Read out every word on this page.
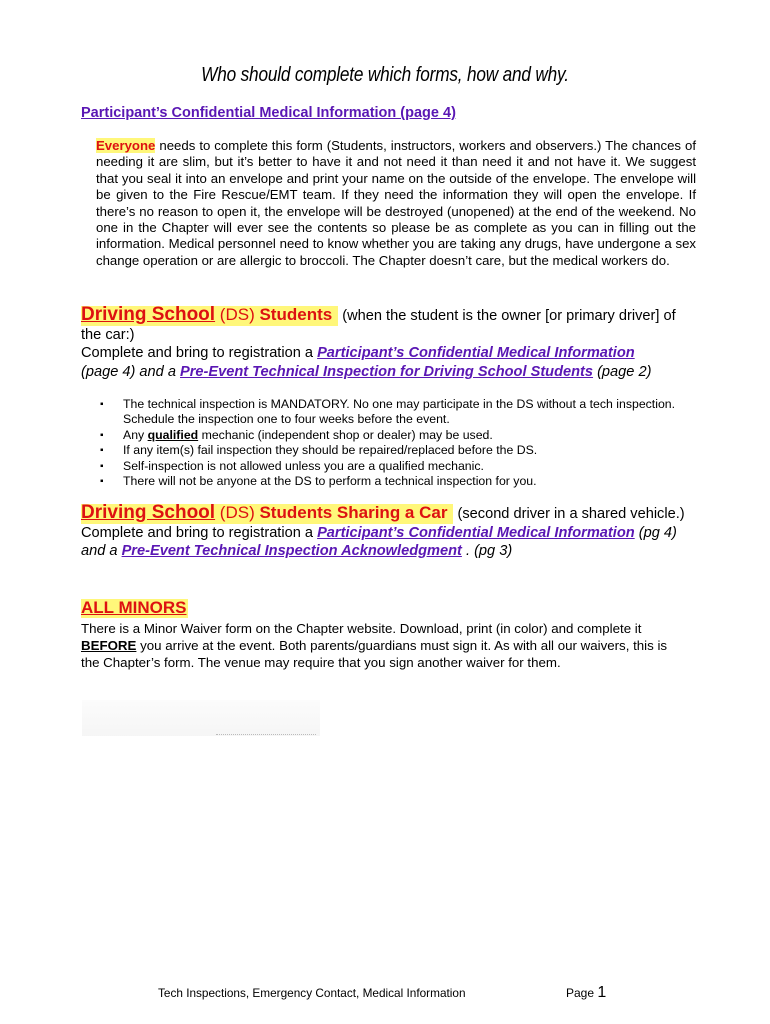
Who should complete which forms, how and why.
Participant’s Confidential Medical Information (page 4)
Everyone needs to complete this form (Students, instructors, workers and observers.) The chances of needing it are slim, but it’s better to have it and not need it than need it and not have it. We suggest that you seal it into an envelope and print your name on the outside of the envelope. The envelope will be given to the Fire Rescue/EMT team. If they need the information they will open the envelope. If there’s no reason to open it, the envelope will be destroyed (unopened) at the end of the weekend. No one in the Chapter will ever see the contents so please be as complete as you can in filling out the information. Medical personnel need to know whether you are taking any drugs, have undergone a sex change operation or are allergic to broccoli. The Chapter doesn’t care, but the medical workers do.
Driving School (DS) Students (when the student is the owner [or primary driver] of the car:)
Complete and bring to registration a Participant’s Confidential Medical Information
(page 4) and a Pre-Event Technical Inspection for Driving School Students (page 2)
▪ The technical inspection is MANDATORY. No one may participate in the DS without a tech inspection. Schedule the inspection one to four weeks before the event.
▪ Any qualified mechanic (independent shop or dealer) may be used.
▪ If any item(s) fail inspection they should be repaired/replaced before the DS.
▪ Self-inspection is not allowed unless you are a qualified mechanic.
▪ There will not be anyone at the DS to perform a technical inspection for you.
Driving School (DS) Students Sharing a Car (second driver in a shared vehicle.) Complete and bring to registration a Participant’s Confidential Medical Information (pg 4) and a Pre-Event Technical Inspection Acknowledgment . (pg 3)
ALL MINORS
There is a Minor Waiver form on the Chapter website. Download, print (in color) and complete it BEFORE you arrive at the event. Both parents/guardians must sign it. As with all our waivers, this is the Chapter’s form. The venue may require that you sign another waiver for them.
Tech Inspections, Emergency Contact, Medical Information	Page 1
